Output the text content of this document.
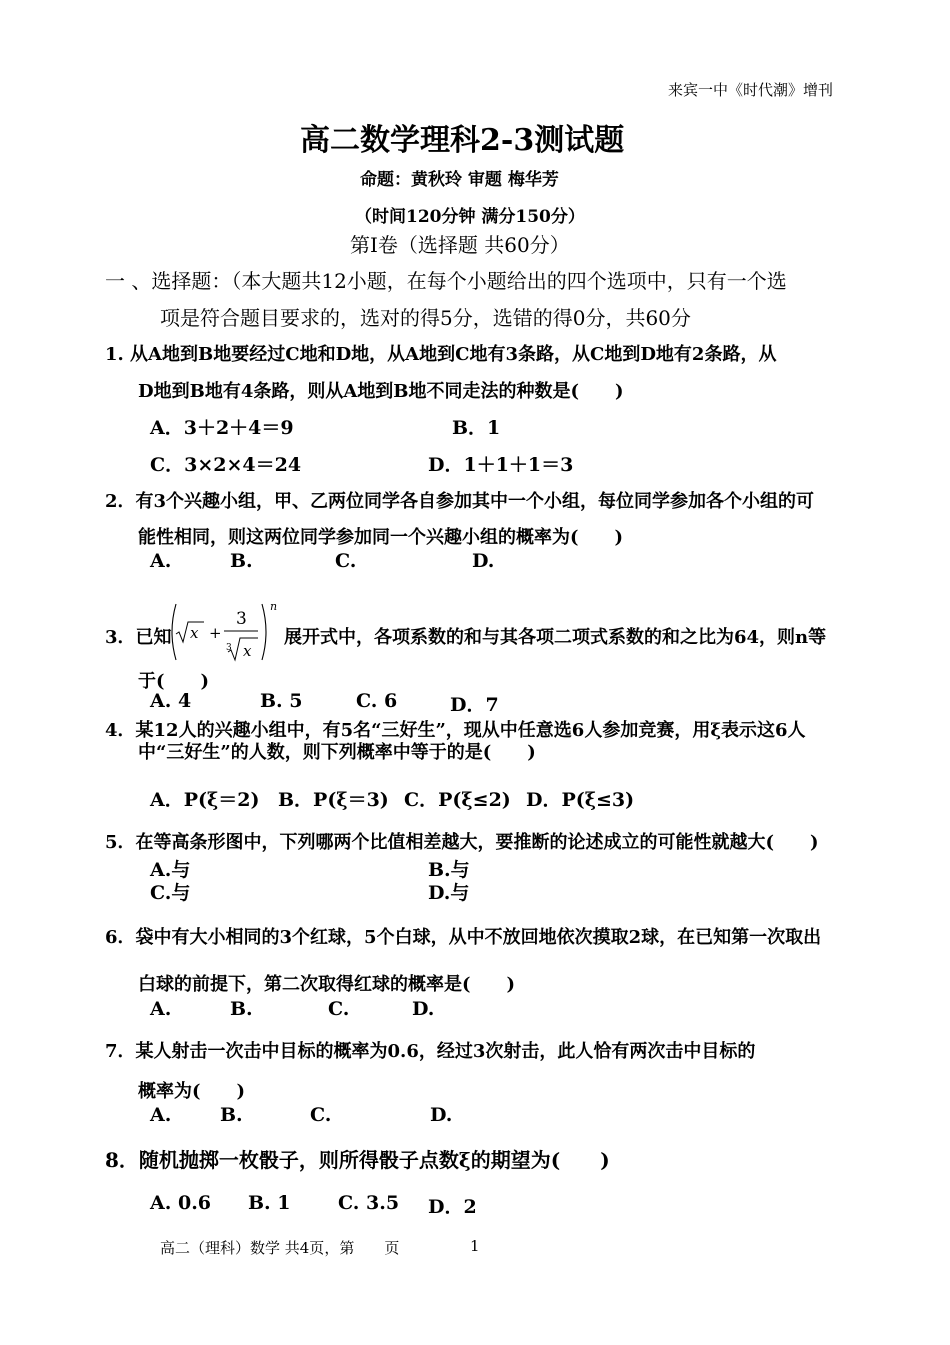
来宾一中《时代潮》增刊
高二数学理科2-3测试题
命题：黄秋玲 审题 梅华芳
（时间120分钟 满分150分）
第Ⅰ卷（选择题 共60分）
一 、选择题：（本大题共12小题，在每个小题给出的四个选项中，只有一个选
项是符合题目要求的，选对的得5分，选错的得0分，共60分
1. 从A地到B地要经过C地和D地，从A地到C地有3条路，从C地到D地有2条路，从
D地到B地有4条路，则从A地到B地不同走法的种数是(　　)
A．3＋2＋4＝9	B．1
C．3×2×4＝24	D．1＋1＋1＝3
2．有3个兴趣小组，甲、乙两位同学各自参加其中一个小组，每位同学参加各个小组的可
能性相同，则这两位同学参加同一个兴趣小组的概率为(　　)
A.	B.	C.	D.
3．已知 x +
3
3 x
n
展开式中，各项系数的和与其各项二项式系数的和之比为64，则n等
于(　　)
A. 4	B. 5	C. 6	D．7
4．某12人的兴趣小组中，有5名“三好生”，现从中任意选6人参加竞赛，用ξ表示这6人
中“三好生”的人数，则下列概率中等于的是(　　)
A．P(ξ＝2) B．P(ξ＝3) C．P(ξ≤2) D．P(ξ≤3)
5．在等高条形图中，下列哪两个比值相差越大，要推断的论述成立的可能性就越大(　　)
A.与	B.与
C.与	D.与
6．袋中有大小相同的3个红球，5个白球，从中不放回地依次摸取2球，在已知第一次取出
白球的前提下，第二次取得红球的概率是(　　)
A.	B.	C.	D.
7．某人射击一次击中目标的概率为0.6，经过3次射击，此人恰有两次击中目标的
概率为(　　)
A.	B.	C.	D.
8．随机抛掷一枚骰子，则所得骰子点数ξ的期望为(　　)
A. 0.6 B. 1 C. 3.5 D．2
高二（理科）数学 共4页，第　　页	1
